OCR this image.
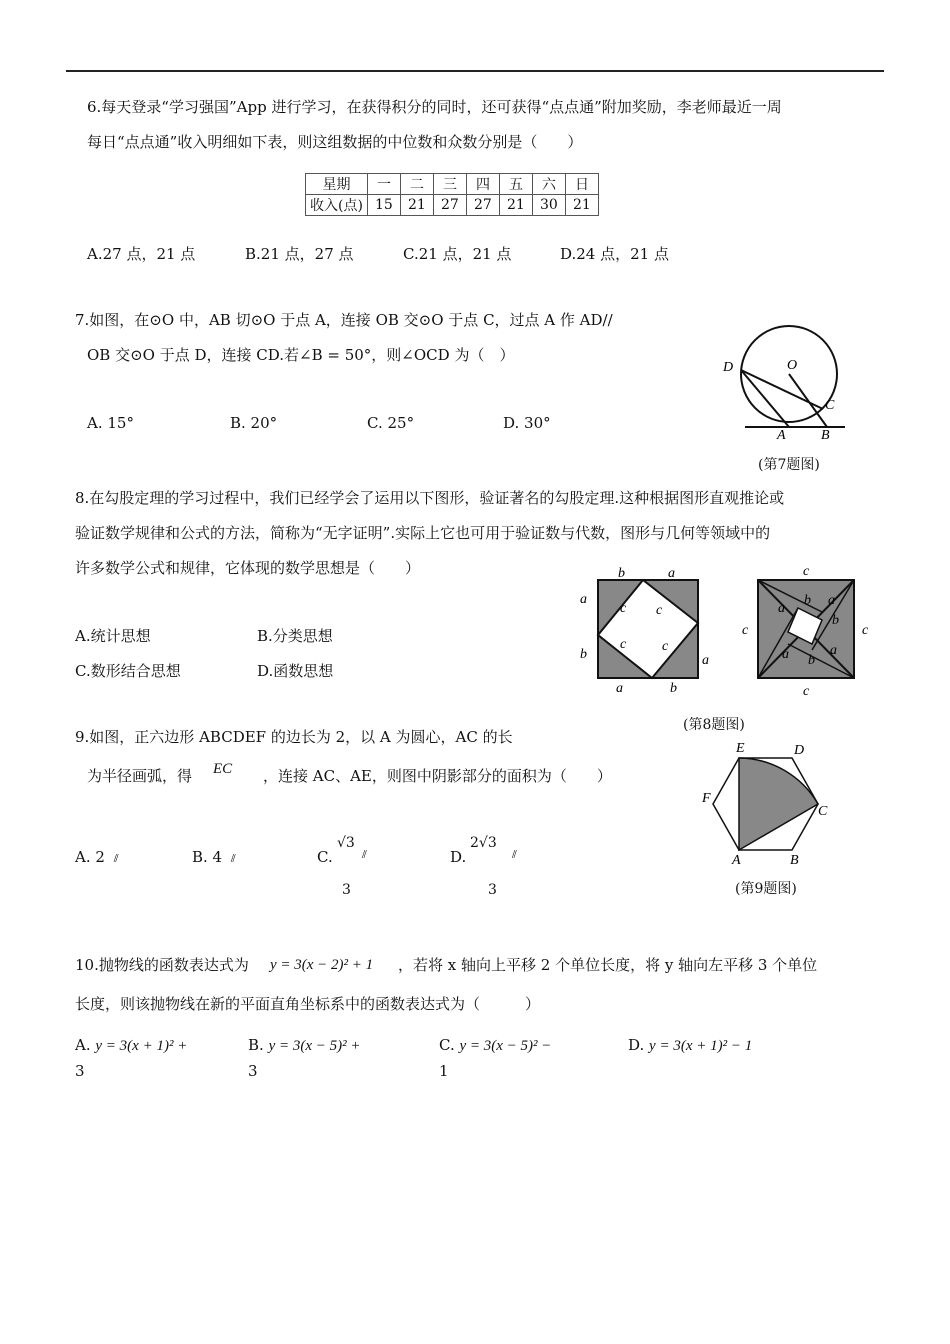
6.每天登录“学习强国”App 进行学习，在获得积分的同时，还可获得“点点通”附加奖励，李老师最近一周
每日“点点通”收入明细如下表，则这组数据的中位数和众数分别是（　　）
星期	一	二	三	四	五	六	日
收入(点)	15	21	27	27	21	30	21
A.27 点，21 点	B.21 点，27 点	C.21 点，21 点	D.24 点，21 点
7.如图，在⊙O 中，AB 切⊙O 于点 A，连接 OB 交⊙O 于点 C，过点 A 作 AD//
OB 交⊙O 于点 D，连接 CD.若∠B = 50°，则∠OCD 为（　）
A. 15°	B. 20°	C. 25°	D. 30°
D	O
C
A	B
(第7题图)
8.在勾股定理的学习过程中，我们已经学会了运用以下图形，验证著名的勾股定理.这种根据图形直观推论或
验证数学规律和公式的方法，简称为“无字证明”.实际上它也可用于验证数与代数，图形与几何等领域中的
许多数学公式和规律，它体现的数学思想是（　　）
A.统计思想	B.分类思想
C.数形结合思想	D.函数思想
b	a
a
b	a
a	b
c c
c	c
c
c	c
c
a
b a
b
a b
a
(第8题图)
9.如图，正六边形 ABCDEF 的边长为 2，以 A 为圆心，AC 的长
为半径画弧，得 EC ，连接 AC、AE，则图中阴影部分的面积为（　　）
A. 2 ⫽	B. 4 ⫽	C.
√3
⫽
3
D.
2√3
⫽
3
E	D
F
C
A	B
(第9题图)
10.抛物线的函数表达式为 y = 3(x − 2)² + 1 ，若将 x 轴向上平移 2 个单位长度，将 y 轴向左平移 3 个单位
长度，则该抛物线在新的平面直角坐标系中的函数表达式为（　　　）
A. y = 3(x + 1)² +
3
B. y = 3(x − 5)² +
3
C. y = 3(x − 5)² −
1
D. y = 3(x + 1)² − 1
